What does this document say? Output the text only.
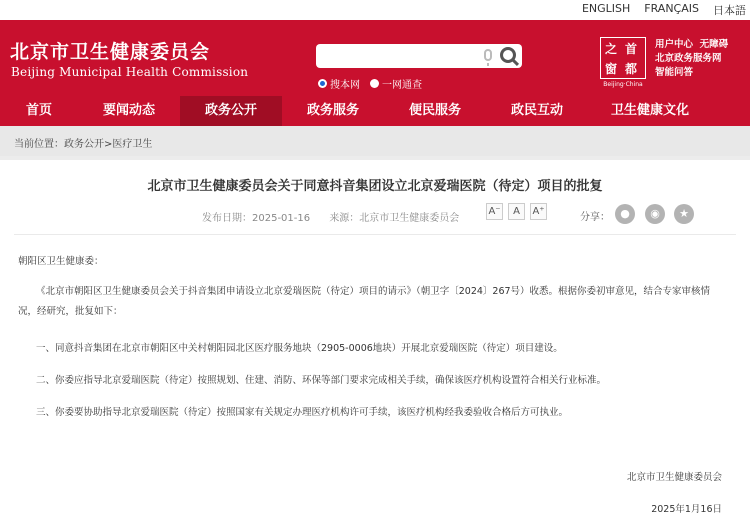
ENGLISH FRANÇAIS 日本語
北京市卫生健康委员会
Beijing Municipal Health Commission
搜本网 一网通查
首
都
之
窗
Beijing·China
用户中心 无障碍
北京政务服务网
智能问答
首页	要闻动态	政务公开	政务服务	便民服务	政民互动	卫生健康文化
当前位置：政务公开>医疗卫生
北京市卫生健康委员会关于同意抖音集团设立北京爱瑞医院（待定）项目的批复
发布日期：2025-01-16 来源：北京市卫生健康委员会
A⁻	A	A⁺
分享： ●	◉	★
朝阳区卫生健康委：
《北京市朝阳区卫生健康委员会关于抖音集团申请设立北京爱瑞医院（待定）项目的请示》（朝卫字〔2024〕267号）收悉。根据你委初审意见，结合专家审核情况，经研究，批复如下：
一、同意抖音集团在北京市朝阳区中关村朝阳园北区医疗服务地块（2905-0006地块）开展北京爱瑞医院（待定）项目建设。
二、你委应指导北京爱瑞医院（待定）按照规划、住建、消防、环保等部门要求完成相关手续，确保该医疗机构设置符合相关行业标准。
三、你委要协助指导北京爱瑞医院（待定）按照国家有关规定办理医疗机构许可手续，该医疗机构经我委验收合格后方可执业。
北京市卫生健康委员会
2025年1月16日
